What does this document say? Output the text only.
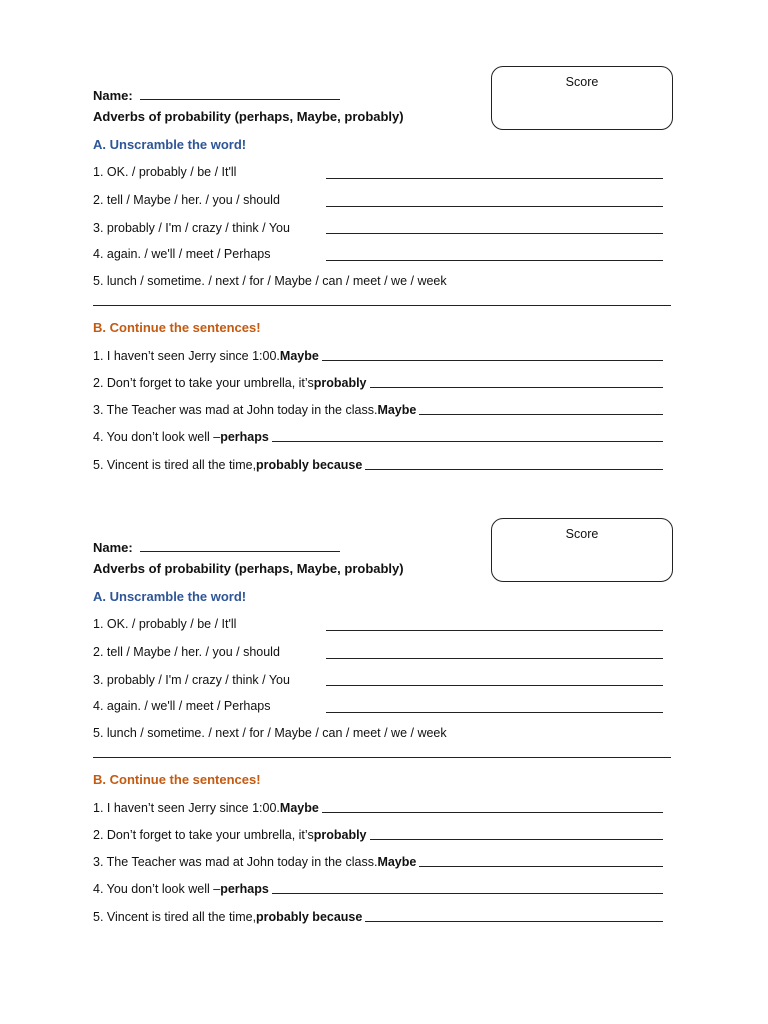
Score
Name:
Adverbs of probability (perhaps, Maybe, probably)
A. Unscramble the word!
1. OK. / probably / be / It'll
2. tell / Maybe / her. / you / should
3. probably / I'm / crazy / think / You
4. again. / we'll / meet / Perhaps
5. lunch / sometime. / next / for / Maybe / can / meet / we / week
B. Continue the sentences!
1. I haven’t seen Jerry since 1:00. Maybe
2. Don’t forget to take your umbrella, it’s probably
3. The Teacher was mad at John today in the class. Maybe
4. You don’t look well – perhaps
5. Vincent is tired all the time, probably because
Score
Name:
Adverbs of probability (perhaps, Maybe, probably)
A. Unscramble the word!
1. OK. / probably / be / It'll
2. tell / Maybe / her. / you / should
3. probably / I'm / crazy / think / You
4. again. / we'll / meet / Perhaps
5. lunch / sometime. / next / for / Maybe / can / meet / we / week
B. Continue the sentences!
1. I haven’t seen Jerry since 1:00. Maybe
2. Don’t forget to take your umbrella, it’s probably
3. The Teacher was mad at John today in the class. Maybe
4. You don’t look well – perhaps
5. Vincent is tired all the time, probably because
